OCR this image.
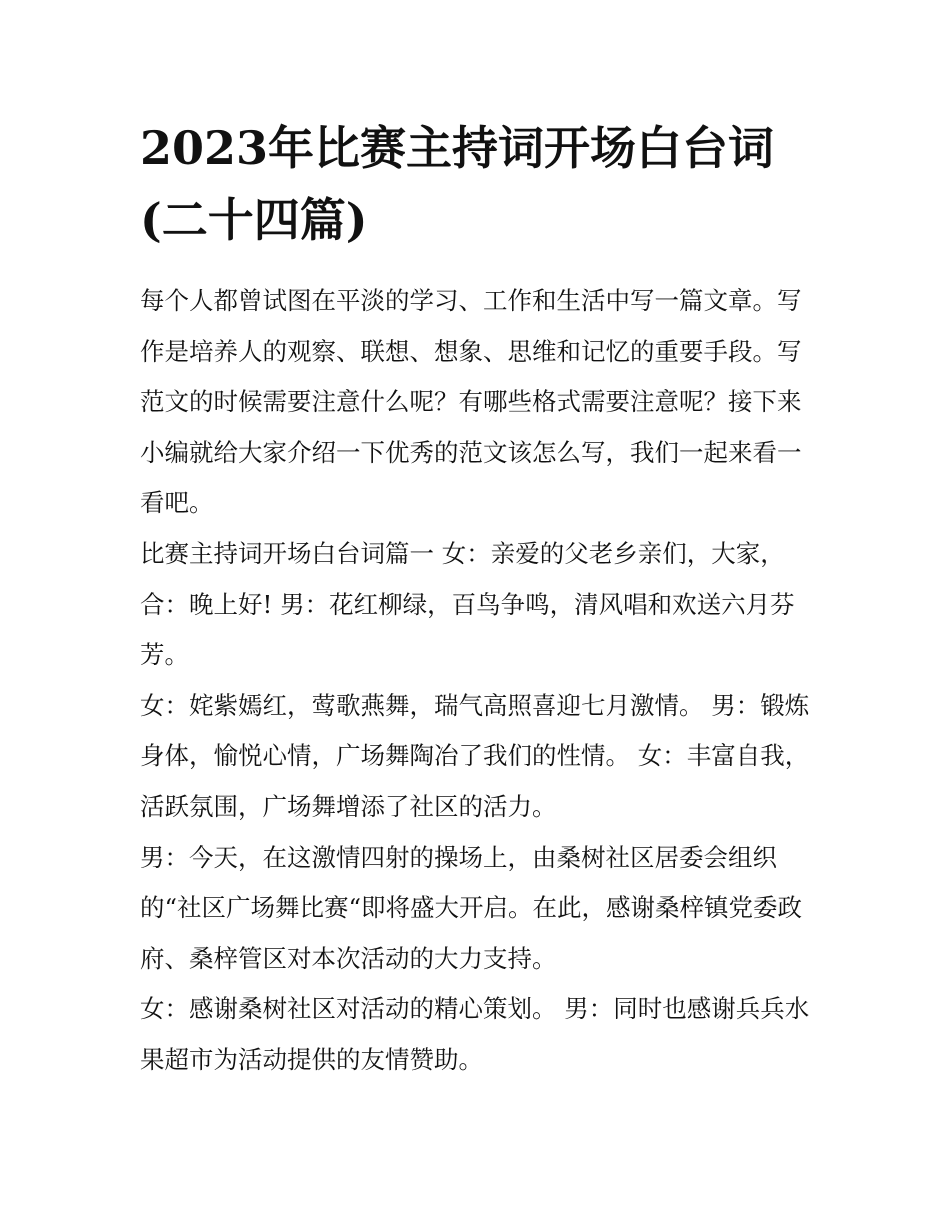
2023年比赛主持词开场白台词(二十四篇)

每个人都曾试图在平淡的学习、工作和生活中写一篇文章。写作是培养人的观察、联想、想象、思维和记忆的重要手段。写范文的时候需要注意什么呢？有哪些格式需要注意呢？接下来小编就给大家介绍一下优秀的范文该怎么写，我们一起来看一看吧。

比赛主持词开场白台词篇一 女：亲爱的父老乡亲们，大家，合：晚上好! 男：花红柳绿，百鸟争鸣，清风唱和欢送六月芬芳。

女：姹紫嫣红，莺歌燕舞，瑞气高照喜迎七月激情。 男：锻炼身体，愉悦心情，广场舞陶冶了我们的性情。 女：丰富自我，活跃氛围，广场舞增添了社区的活力。

男：今天，在这激情四射的操场上，由桑树社区居委会组织的“社区广场舞比赛“即将盛大开启。在此，感谢桑梓镇党委政府、桑梓管区对本次活动的大力支持。

女：感谢桑树社区对活动的精心策划。 男：同时也感谢兵兵水果超市为活动提供的友情赞助。
